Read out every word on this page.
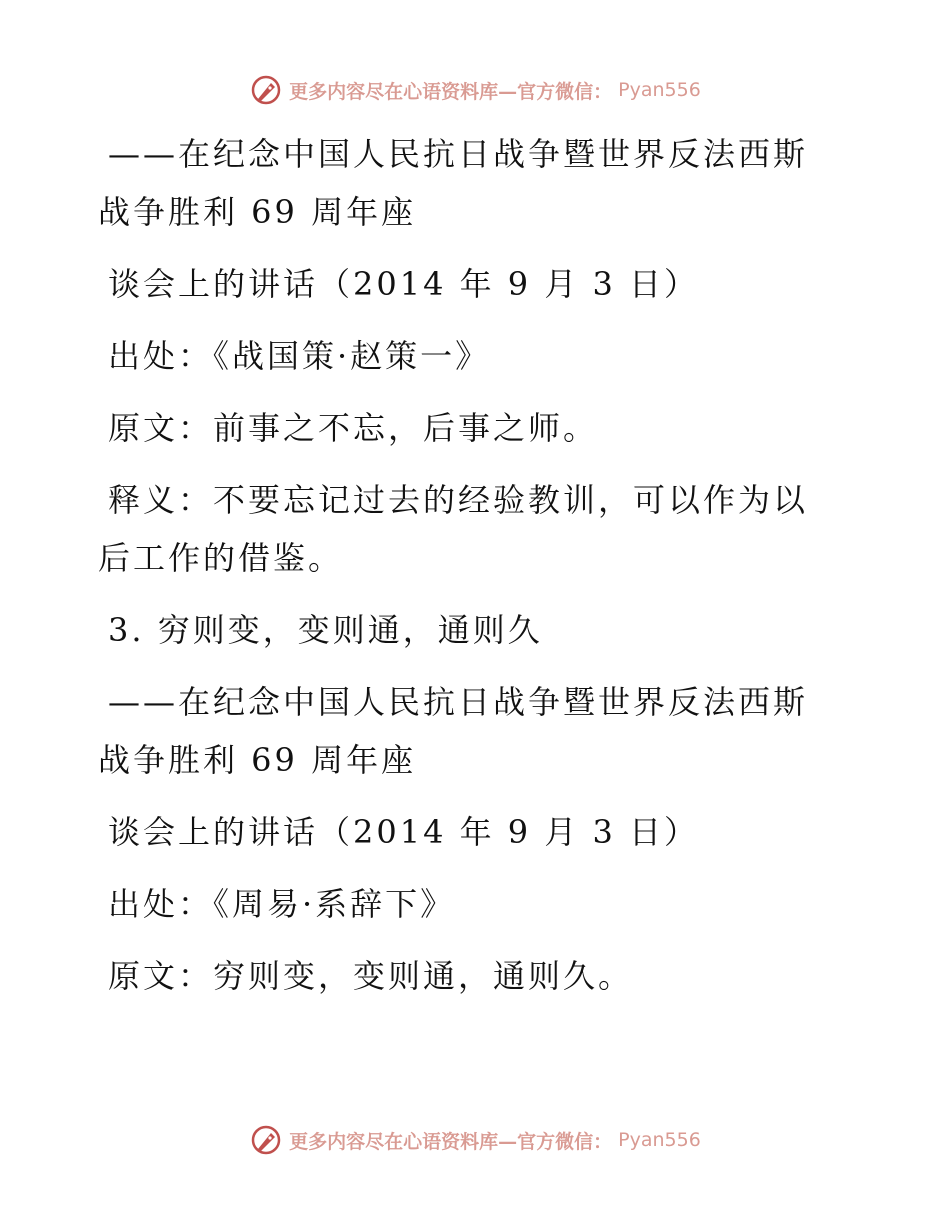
更多内容尽在心语资料库—官方微信： Pyan556
——在纪念中国人民抗日战争暨世界反法西斯战争胜利 69 周年座
谈会上的讲话（2014 年 9 月 3 日）
出处：《战国策·赵策一》
原文：前事之不忘，后事之师。
释义：不要忘记过去的经验教训，可以作为以后工作的借鉴。
3. 穷则变，变则通，通则久
——在纪念中国人民抗日战争暨世界反法西斯战争胜利 69 周年座
谈会上的讲话（2014 年 9 月 3 日）
出处：《周易·系辞下》
原文：穷则变，变则通，通则久。
更多内容尽在心语资料库—官方微信： Pyan556
